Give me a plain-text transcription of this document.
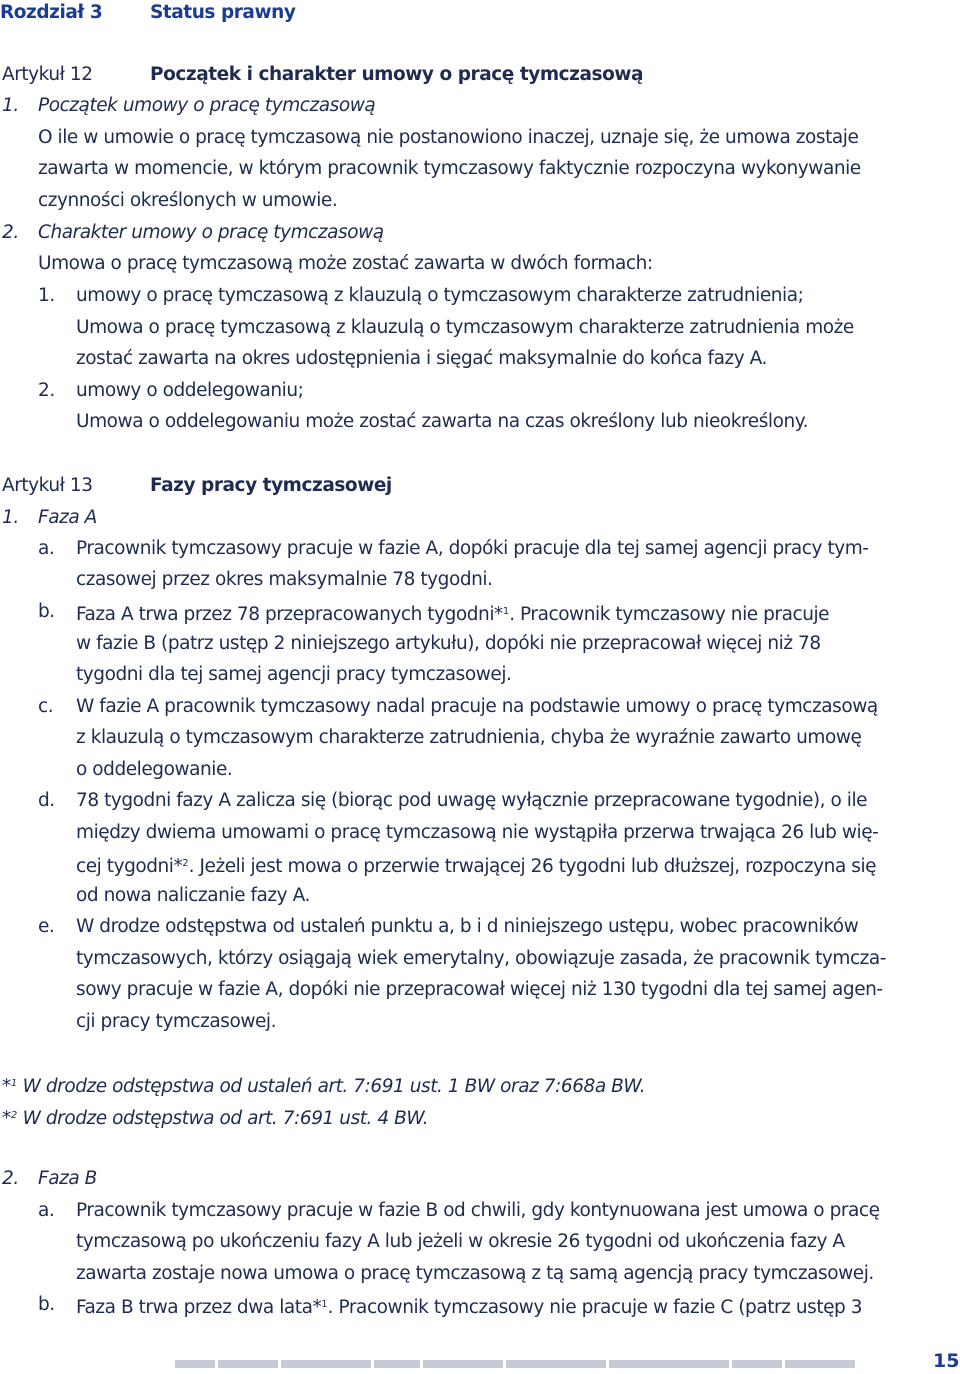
Rozdział 3	Status prawny
Artykuł 12	Początek i charakter umowy o pracę tymczasową
1. Początek umowy o pracę tymczasową
O ile w umowie o pracę tymczasową nie postanowiono inaczej, uznaje się, że umowa zostaje
zawarta w momencie, w którym pracownik tymczasowy faktycznie rozpoczyna wykonywanie
czynności określonych w umowie.
2. Charakter umowy o pracę tymczasową
Umowa o pracę tymczasową może zostać zawarta w dwóch formach:
1. umowy o pracę tymczasową z klauzulą o tymczasowym charakterze zatrudnienia;
Umowa o pracę tymczasową z klauzulą o tymczasowym charakterze zatrudnienia może
zostać zawarta na okres udostępnienia i sięgać maksymalnie do końca fazy A.
2. umowy o oddelegowaniu;
Umowa o oddelegowaniu może zostać zawarta na czas określony lub nieokreślony.
Artykuł 13	Fazy pracy tymczasowej
1. Faza A
a. Pracownik tymczasowy pracuje w fazie A, dopóki pracuje dla tej samej agencji pracy tym-
czasowej przez okres maksymalnie 78 tygodni.
b. Faza A trwa przez 78 przepracowanych tygodni*$^1$. Pracownik tymczasowy nie pracuje
w fazie B (patrz ustęp 2 niniejszego artykułu), dopóki nie przepracował więcej niż 78
tygodni dla tej samej agencji pracy tymczasowej.
c. W fazie A pracownik tymczasowy nadal pracuje na podstawie umowy o pracę tymczasową
z klauzulą o tymczasowym charakterze zatrudnienia, chyba że wyraźnie zawarto umowę
o oddelegowanie.
d. 78 tygodni fazy A zalicza się (biorąc pod uwagę wyłącznie przepracowane tygodnie), o ile
między dwiema umowami o pracę tymczasową nie wystąpiła przerwa trwająca 26 lub wię-
cej tygodni*$^2$. Jeżeli jest mowa o przerwie trwającej 26 tygodni lub dłuższej, rozpoczyna się
od nowa naliczanie fazy A.
e. W drodze odstępstwa od ustaleń punktu a, b i d niniejszego ustępu, wobec pracowników
tymczasowych, którzy osiągają wiek emerytalny, obowiązuje zasada, że pracownik tymcza-
sowy pracuje w fazie A, dopóki nie przepracował więcej niż 130 tygodni dla tej samej agen-
cji pracy tymczasowej.
*$^1$ W drodze odstępstwa od ustaleń art. 7:691 ust. 1 BW oraz 7:668a BW.
*$^2$ W drodze odstępstwa od art. 7:691 ust. 4 BW.
2. Faza B
a. Pracownik tymczasowy pracuje w fazie B od chwili, gdy kontynuowana jest umowa o pracę
tymczasową po ukończeniu fazy A lub jeżeli w okresie 26 tygodni od ukończenia fazy A
zawarta zostaje nowa umowa o pracę tymczasową z tą samą agencją pracy tymczasowej.
b. Faza B trwa przez dwa lata*$^1$. Pracownik tymczasowy nie pracuje w fazie C (patrz ustęp 3
15
